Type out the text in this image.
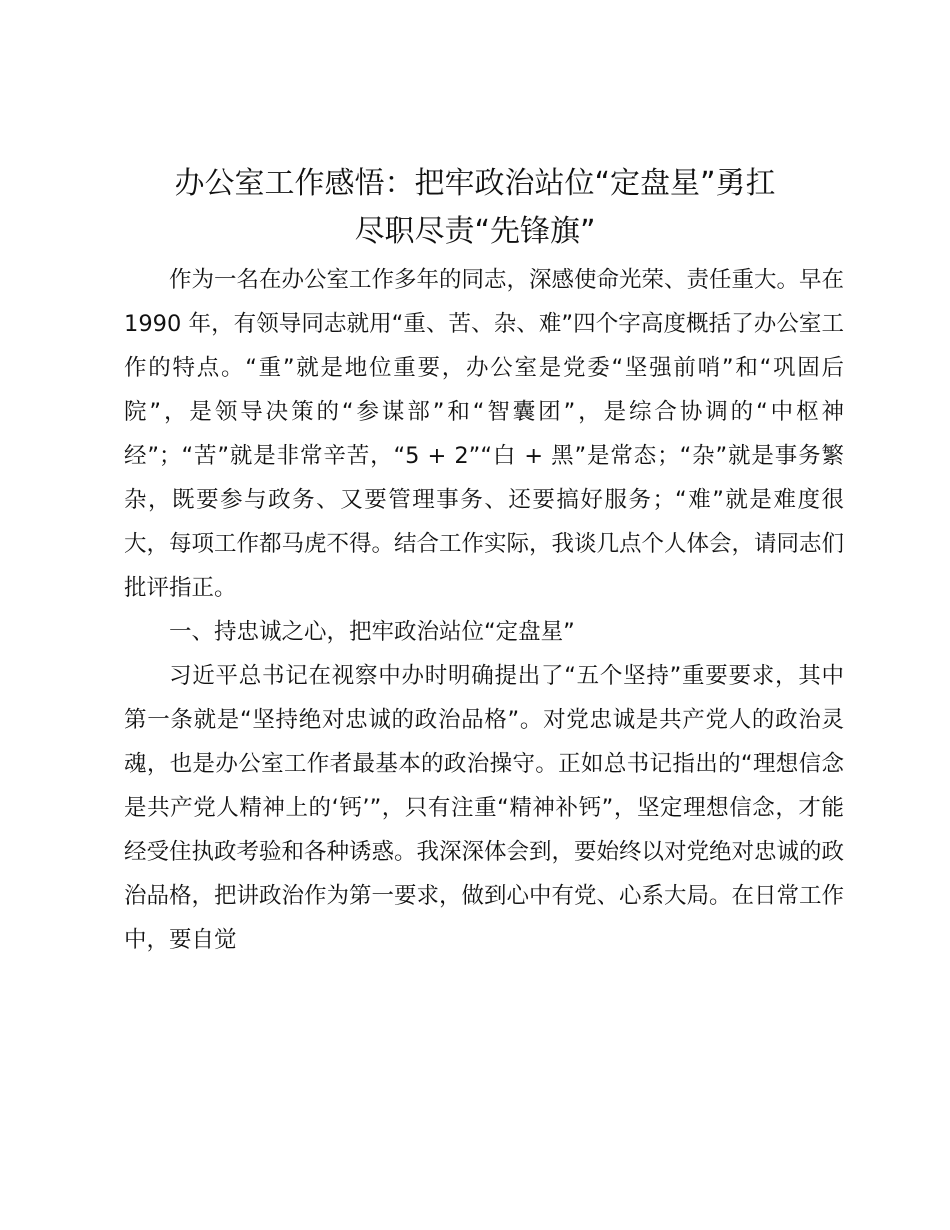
办公室工作感悟：把牢政治站位“定盘星”勇扛
尽职尽责“先锋旗”

作为一名在办公室工作多年的同志，深感使命光荣、责任重大。早在 1990 年，有领导同志就用“重、苦、杂、难”四个字高度概括了办公室工作的特点。“重”就是地位重要，办公室是党委“坚强前哨”和“巩固后院”，是领导决策的“参谋部”和“智囊团”，是综合协调的“中枢神经”；“苦”就是非常辛苦，“5 + 2”“白 + 黑”是常态；“杂”就是事务繁杂，既要参与政务、又要管理事务、还要搞好服务；“难”就是难度很大，每项工作都马虎不得。结合工作实际，我谈几点个人体会，请同志们批评指正。

一、持忠诚之心，把牢政治站位“定盘星”

习近平总书记在视察中办时明确提出了“五个坚持”重要要求，其中第一条就是“坚持绝对忠诚的政治品格”。对党忠诚是共产党人的政治灵魂，也是办公室工作者最基本的政治操守。正如总书记指出的“理想信念是共产党人精神上的‘钙’”，只有注重“精神补钙”，坚定理想信念，才能经受住执政考验和各种诱惑。我深深体会到，要始终以对党绝对忠诚的政治品格，把讲政治作为第一要求，做到心中有党、心系大局。在日常工作中，要自觉
